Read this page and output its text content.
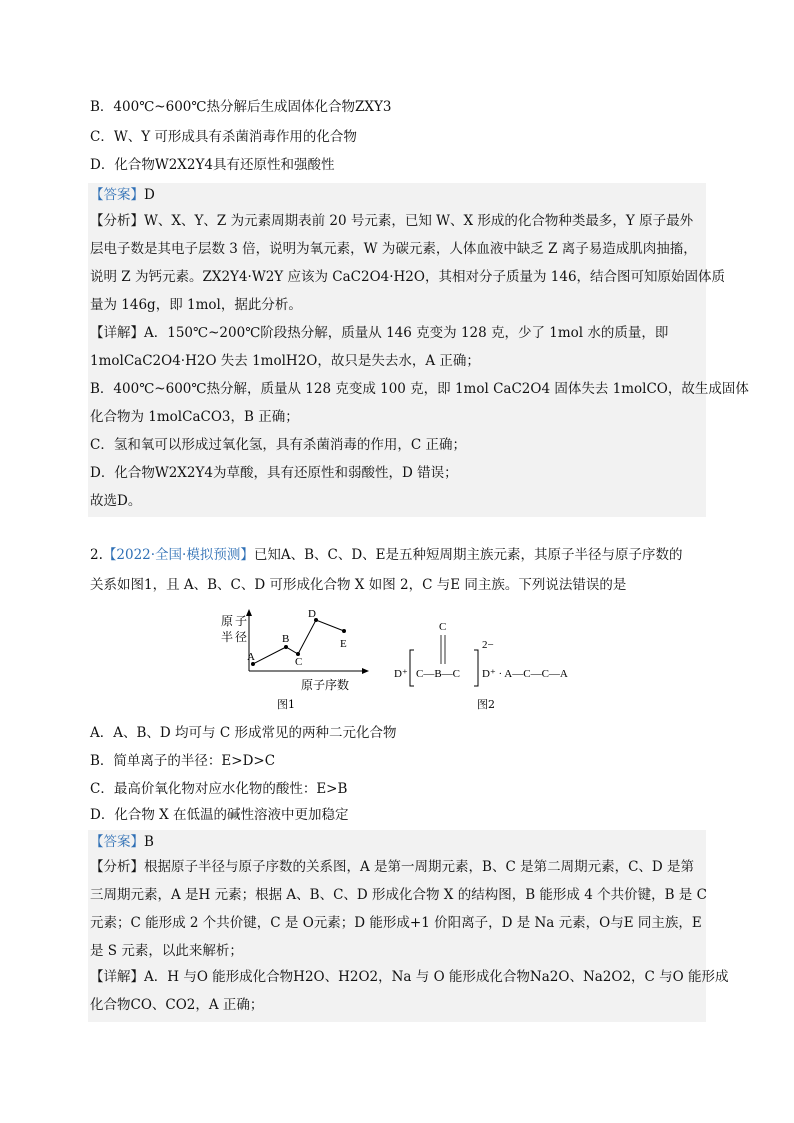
B．400℃~600℃热分解后生成固体化合物ZXY3
C．W、Y 可形成具有杀菌消毒作用的化合物
D．化合物W2X2Y4具有还原性和强酸性
【答案】D
【分析】W、X、Y、Z 为元素周期表前 20 号元素，已知 W、X 形成的化合物种类最多，Y 原子最外
层电子数是其电子层数 3 倍，说明为氧元素，W 为碳元素，人体血液中缺乏 Z 离子易造成肌肉抽搐，
说明 Z 为钙元素。ZX2Y4·W2Y 应该为 CaC2O4·H2O，其相对分子质量为 146，结合图可知原始固体质
量为 146g，即 1mol，据此分析。
【详解】A．150℃~200℃阶段热分解，质量从 146 克变为 128 克，少了 1mol 水的质量，即
1molCaC2O4·H2O 失去 1molH2O，故只是失去水，A 正确；
B．400℃~600℃热分解，质量从 128 克变成 100 克，即 1mol CaC2O4 固体失去 1molCO，故生成固体
化合物为 1molCaCO3，B 正确；
C．氢和氧可以形成过氧化氢，具有杀菌消毒的作用，C 正确；
D．化合物W2X2Y4为草酸，具有还原性和弱酸性，D 错误；
故选D。
2.【2022·全国·模拟预测】已知A、B、C、D、E是五种短周期主族元素，其原子半径与原子序数的
关系如图1，且 A、B、C、D 可形成化合物 X 如图 2，C 与E 同主族。下列说法错误的是
A
B
C
D
E
原 子
半 径
原子序数
图1
D⁺ C—B—C
C
2−
D⁺ · A—C—C—A
图2
A．A、B、D 均可与 C 形成常见的两种二元化合物
B．简单离子的半径：E>D>C
C．最高价氧化物对应水化物的酸性：E>B
D．化合物 X 在低温的碱性溶液中更加稳定
【答案】B
【分析】根据原子半径与原子序数的关系图，A 是第一周期元素，B、C 是第二周期元素，C、D 是第
三周期元素，A 是H 元素；根据 A、B、C、D 形成化合物 X 的结构图，B 能形成 4 个共价键，B 是 C
元素；C 能形成 2 个共价键，C 是 O元素；D 能形成+1 价阳离子，D 是 Na 元素，O与E 同主族，E
是 S 元素，以此来解析；
【详解】A．H 与O 能形成化合物H2O、H2O2，Na 与 O 能形成化合物Na2O、Na2O2，C 与O 能形成
化合物CO、CO2，A 正确；
